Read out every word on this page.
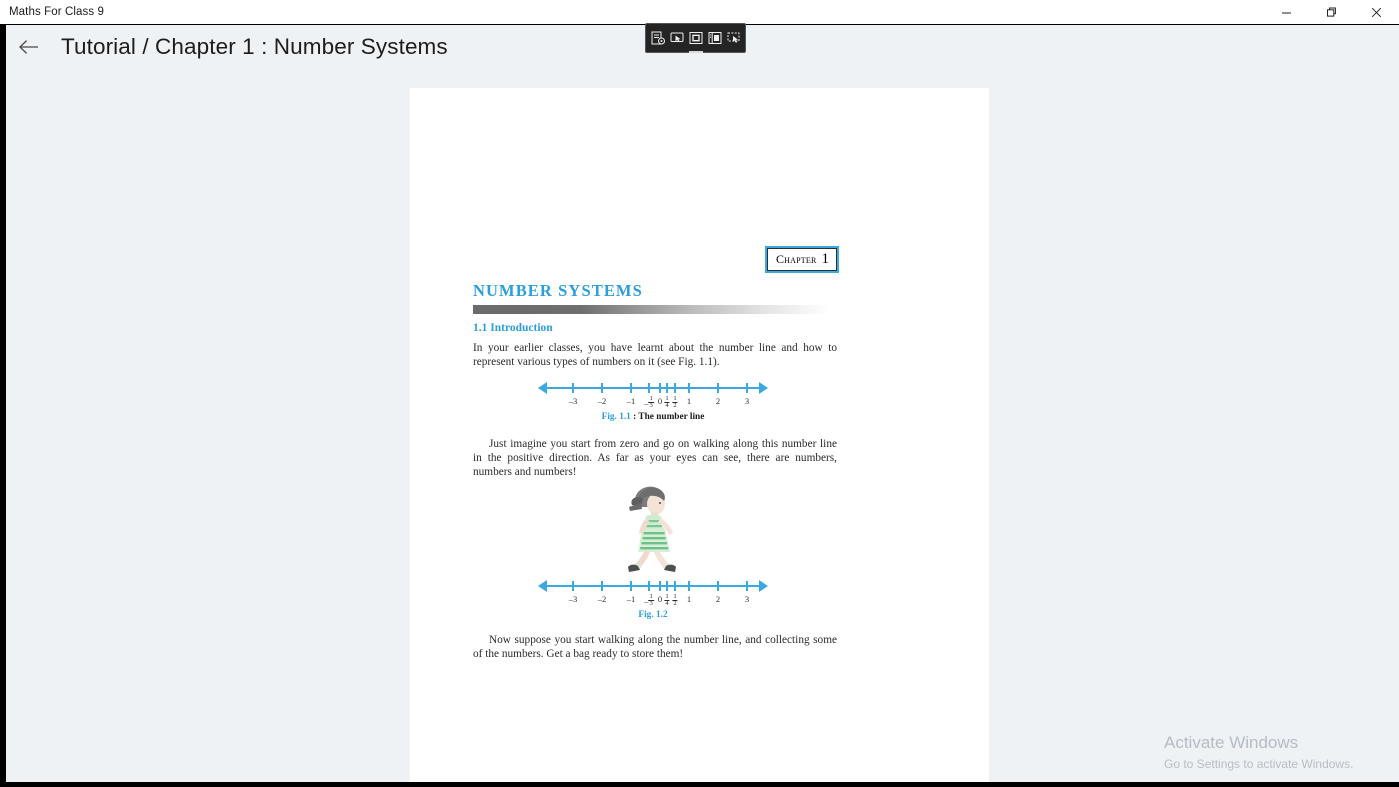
Maths For Class 9
Tutorial / Chapter 1 : Number Systems
Chapter 1
NUMBER SYSTEMS
1.1 Introduction
In your earlier classes, you have learnt about the number line and how to represent various types of numbers on it (see Fig. 1.1).
–3 –2 $-1 - \frac{1}{3} 0 \frac{1}{4} \frac{1}{2} 1$	2	3
Fig. 1.1 : The number line
Just imagine you start from zero and go on walking along this number line in the positive direction. As far as your eyes can see, there are numbers, numbers and numbers!
–3 –2 $-1 - \frac{1}{3} 0 \frac{1}{4} \frac{1}{2} 1$	2	3
Fig. 1.2
Now suppose you start walking along the number line, and collecting some of the numbers. Get a bag ready to store them!
Activate Windows
Go to Settings to activate Windows.
